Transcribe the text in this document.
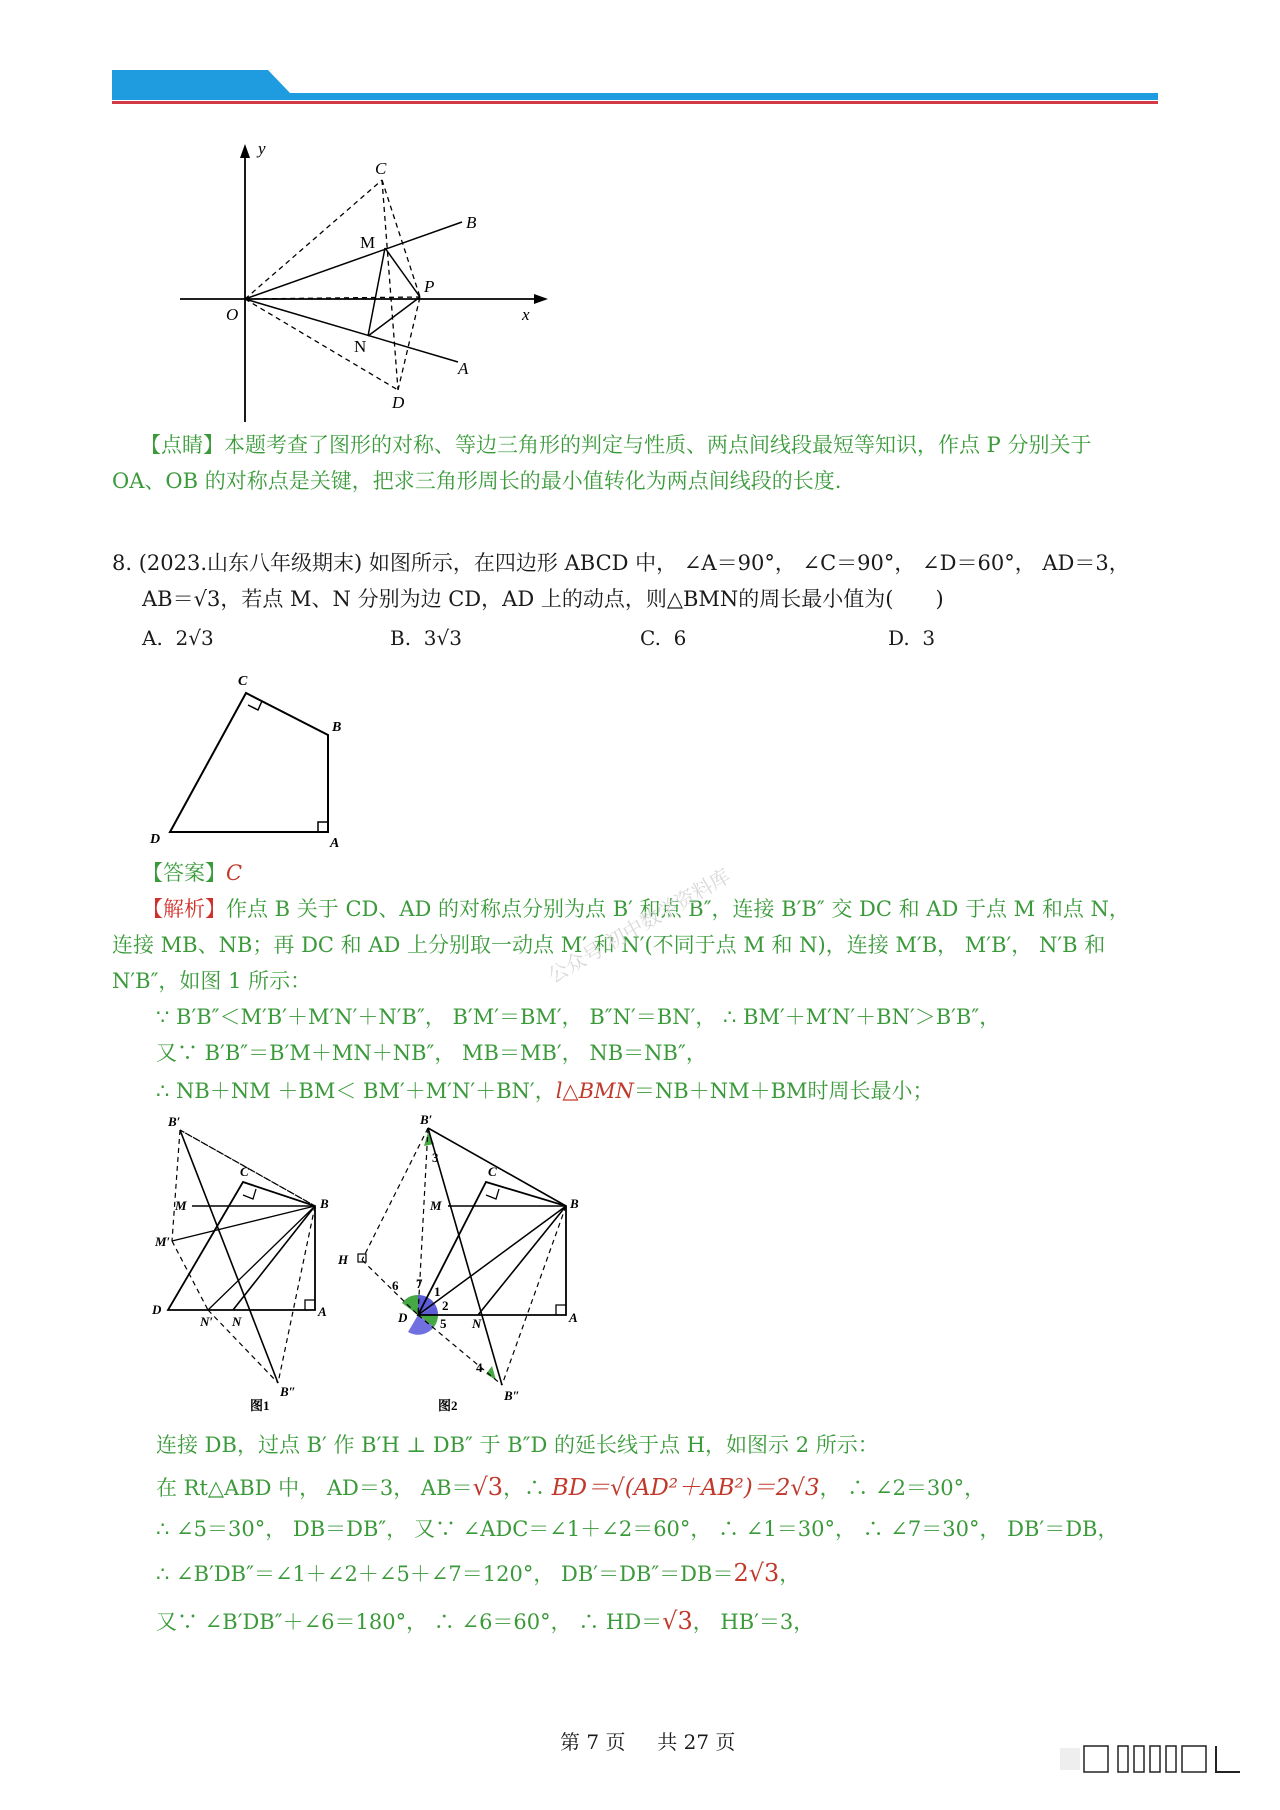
y
x
O
C
B
M
P
N
A
D
【点睛】本题考查了图形的对称、等边三角形的判定与性质、两点间线段最短等知识，作点 P 分别关于
OA、OB 的对称点是关键，把求三角形周长的最小值转化为两点间线段的长度.
8. (2023.山东八年级期末) 如图所示，在四边形 ABCD 中， ∠A＝90°， ∠C＝90°， ∠D＝60°， AD＝3，
AB＝√3，若点 M、N 分别为边 CD，AD 上的动点，则△BMN的周长最小值为(　　)
A. 2√3	B. 3√3	C. 6	D. 3
C
B
D	A
【答案】C
【解析】作点 B 关于 CD、AD 的对称点分别为点 B′ 和点 B″，连接 B′B″ 交 DC 和 AD 于点 M 和点 N，
连接 MB、NB；再 DC 和 AD 上分别取一动点 M′ 和 N′(不同于点 M 和 N)，连接 M′B， M′B′， N′B 和
N′B″，如图 1 所示：
∵ B′B″＜M′B′＋M′N′＋N′B″， B′M′＝BM′， B″N′＝BN′， ∴ BM′＋M′N′＋BN′＞B′B″，
又∵ B′B″＝B′M＋MN＋NB″， MB＝MB′， NB＝NB″，
∴ NB＋NM ＋BM＜ BM′＋M′N′＋BN′，l△BMN＝NB＋NM＋BM时周长最小；
公众号 初中数学资料库
B′
C
M	B
M′
D
N′ N
A
B″
图1
B′
3
C
M	B
H
7
6	1
2
D	5 N	A
4
B″
图2
连接 DB，过点 B′ 作 B′H ⊥ DB″ 于 B″D 的延长线于点 H，如图示 2 所示：
在 Rt△ABD 中， AD＝3， AB＝√3，∴ BD＝√(AD²＋AB²)＝2√3， ∴ ∠2＝30°，
∴ ∠5＝30°， DB＝DB″， 又∵ ∠ADC＝∠1＋∠2＝60°， ∴ ∠1＝30°， ∴ ∠7＝30°， DB′＝DB，
∴ ∠B′DB″＝∠1＋∠2＋∠5＋∠7＝120°， DB′＝DB″＝DB＝2√3，
又∵ ∠B′DB″＋∠6＝180°， ∴ ∠6＝60°， ∴ HD＝√3， HB′＝3，
第 7 页 共 27 页
